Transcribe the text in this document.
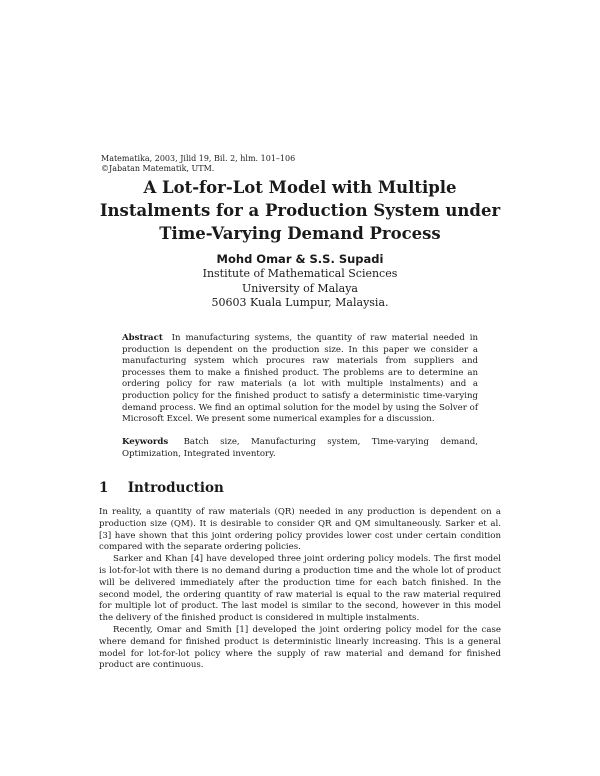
Matematika, 2003, Jilid 19, Bil. 2, hlm. 101–106
©Jabatan Matematik, UTM.
A Lot-for-Lot Model with Multiple
Instalments for a Production System under
Time-Varying Demand Process
Mohd Omar & S.S. Supadi
Institute of Mathematical Sciences
University of Malaya
50603 Kuala Lumpur, Malaysia.
Abstract In manufacturing systems, the quantity of raw material needed in production is dependent on the production size. In this paper we consider a manufacturing system which procures raw materials from suppliers and processes them to make a finished product. The problems are to determine an ordering policy for raw materials (a lot with multiple instalments) and a production policy for the finished product to satisfy a deterministic time-varying demand process. We find an optimal solution for the model by using the Solver of Microsoft Excel. We present some numerical examples for a discussion.
Keywords Batch size, Manufacturing system, Time-varying demand, Optimization, Integrated inventory.
1 Introduction

In reality, a quantity of raw materials (QR) needed in any production is dependent on a production size (QM). It is desirable to consider QR and QM simultaneously. Sarker et al. [3] have shown that this joint ordering policy provides lower cost under certain condition compared with the separate ordering policies.

Sarker and Khan [4] have developed three joint ordering policy models. The first model is lot-for-lot with there is no demand during a production time and the whole lot of product will be delivered immediately after the production time for each batch finished. In the second model, the ordering quantity of raw material is equal to the raw material required for multiple lot of product. The last model is similar to the second, however in this model the delivery of the finished product is considered in multiple instalments.

Recently, Omar and Smith [1] developed the joint ordering policy model for the case where demand for finished product is deterministic linearly increasing. This is a general model for lot-for-lot policy where the supply of raw material and demand for finished product are continuous.
